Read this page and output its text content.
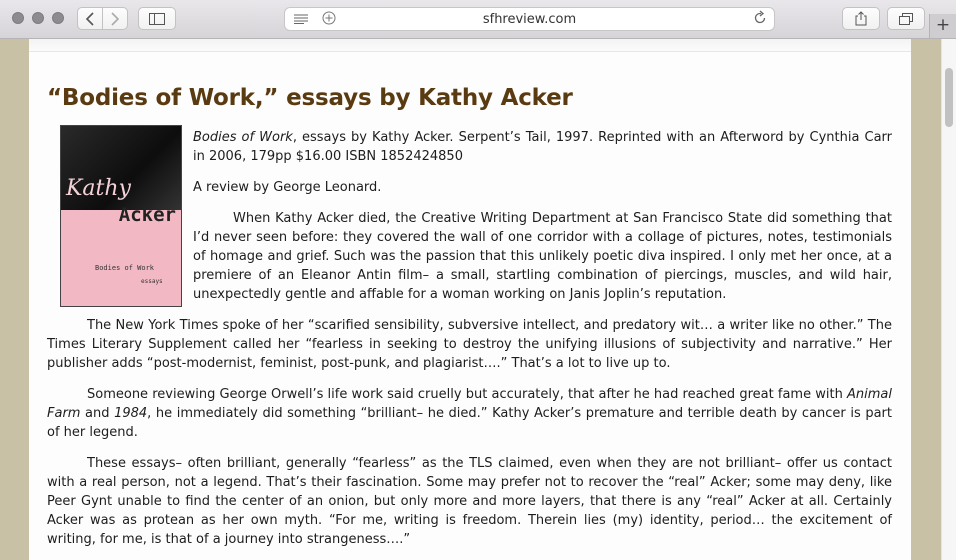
sfhreview.com	+
“Bodies of Work,” essays by Kathy Acker
Kathy
Acker
Bodies of Work
essays

Bodies of Work, essays by Kathy Acker. Serpent’s Tail, 1997. Reprinted with an Afterword by Cynthia Carr in 2006, 179pp $16.00 ISBN 1852424850

A review by George Leonard.

When Kathy Acker died, the Creative Writing Department at San Francisco State did something that I’d never seen before: they covered the wall of one corridor with a collage of pictures, notes, testimonials of homage and grief. Such was the passion that this unlikely poetic diva inspired. I only met her once, at a premiere of an Eleanor Antin film– a small, startling combination of piercings, muscles, and wild hair, unexpectedly gentle and affable for a woman working on Janis Joplin’s reputation.

The New York Times spoke of her “scarified sensibility, subversive intellect, and predatory wit… a writer like no other.” The Times Literary Supplement called her “fearless in seeking to destroy the unifying illusions of subjectivity and narrative.” Her publisher adds “post-modernist, feminist, post-punk, and plagiarist….” That’s a lot to live up to.

Someone reviewing George Orwell’s life work said cruelly but accurately, that after he had reached great fame with Animal Farm and 1984, he immediately did something “brilliant– he died.” Kathy Acker’s premature and terrible death by cancer is part of her legend.

These essays– often brilliant, generally “fearless” as the TLS claimed, even when they are not brilliant– offer us contact with a real person, not a legend. That’s their fascination. Some may prefer not to recover the “real” Acker; some may deny, like Peer Gynt unable to find the center of an onion, but only more and more layers, that there is any “real” Acker at all. Certainly Acker was as protean as her own myth. “For me, writing is freedom. Therein lies (my) identity, period… the excitement of writing, for me, is that of a journey into strangeness….”
